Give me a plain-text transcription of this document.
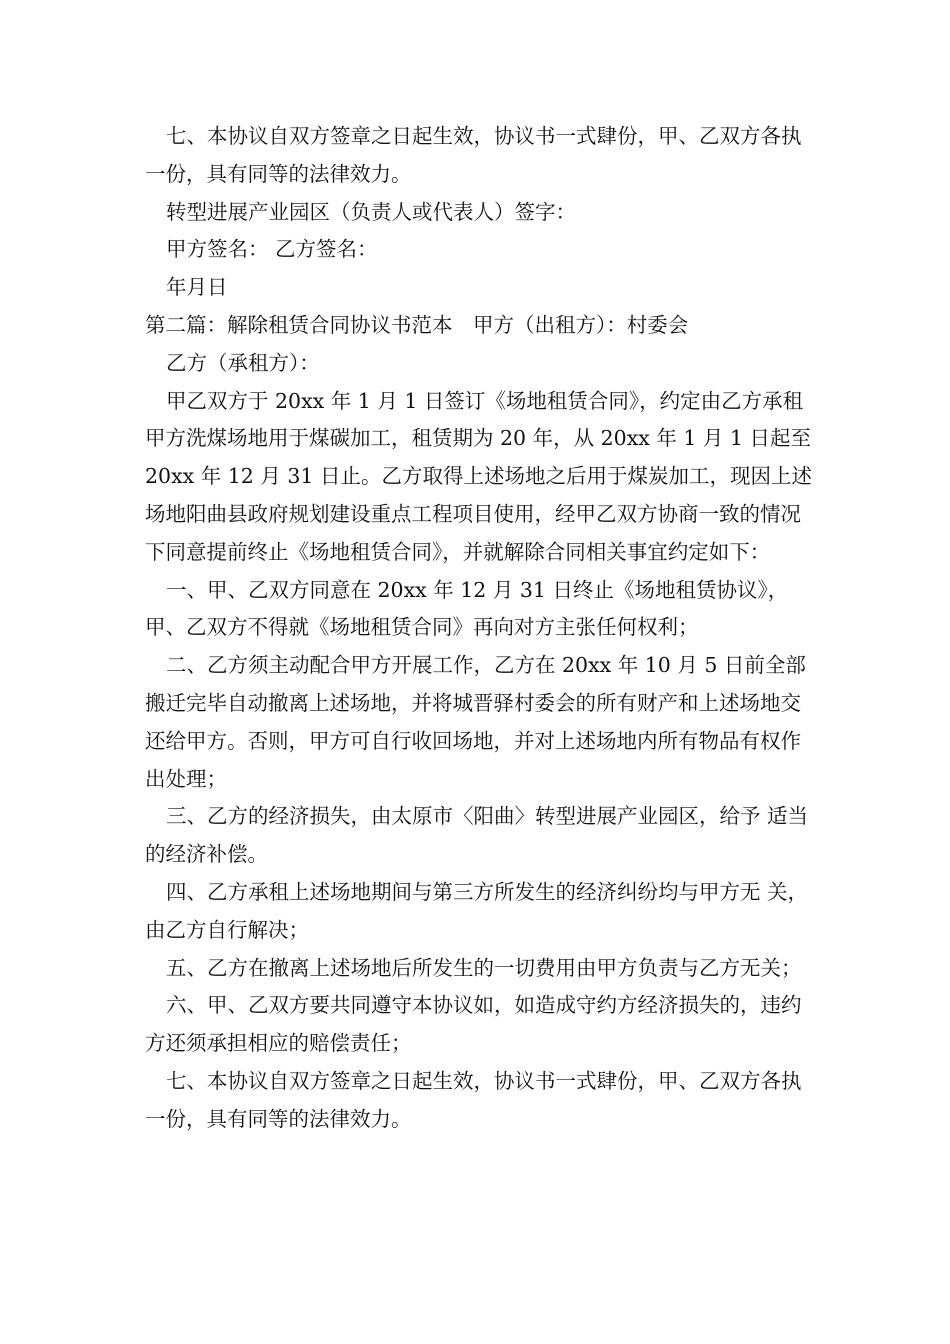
七、本协议自双方签章之日起生效，协议书一式肆份，甲、乙双方各执一份，具有同等的法律效力。

转型进展产业园区（负责人或代表人）签字：

甲方签名： 乙方签名：

年月日

第二篇：解除租赁合同协议书范本　甲方（出租方）：村委会

乙方（承租方）：

甲乙双方于 20xx 年 1 月 1 日签订《场地租赁合同》，约定由乙方承租甲方洗煤场地用于煤碳加工，租赁期为 20 年，从 20xx 年 1 月 1 日起至 20xx 年 12 月 31 日止。乙方取得上述场地之后用于煤炭加工，现因上述场地阳曲县政府规划建设重点工程项目使用，经甲乙双方协商一致的情况下同意提前终止《场地租赁合同》，并就解除合同相关事宜约定如下：

一、甲、乙双方同意在 20xx 年 12 月 31 日终止《场地租赁协议》，甲、乙双方不得就《场地租赁合同》再向对方主张任何权利；

二、乙方须主动配合甲方开展工作，乙方在 20xx 年 10 月 5 日前全部搬迁完毕自动撤离上述场地，并将城晋驿村委会的所有财产和上述场地交还给甲方。否则，甲方可自行收回场地，并对上述场地内所有物品有权作出处理；

三、乙方的经济损失，由太原市〈阳曲〉转型进展产业园区，给予 适当的经济补偿。

四、乙方承租上述场地期间与第三方所发生的经济纠纷均与甲方无 关，由乙方自行解决；

五、乙方在撤离上述场地后所发生的一切费用由甲方负责与乙方无关；

六、甲、乙双方要共同遵守本协议如，如造成守约方经济损失的，违约方还须承担相应的赔偿责任；

七、本协议自双方签章之日起生效，协议书一式肆份，甲、乙双方各执一份，具有同等的法律效力。
